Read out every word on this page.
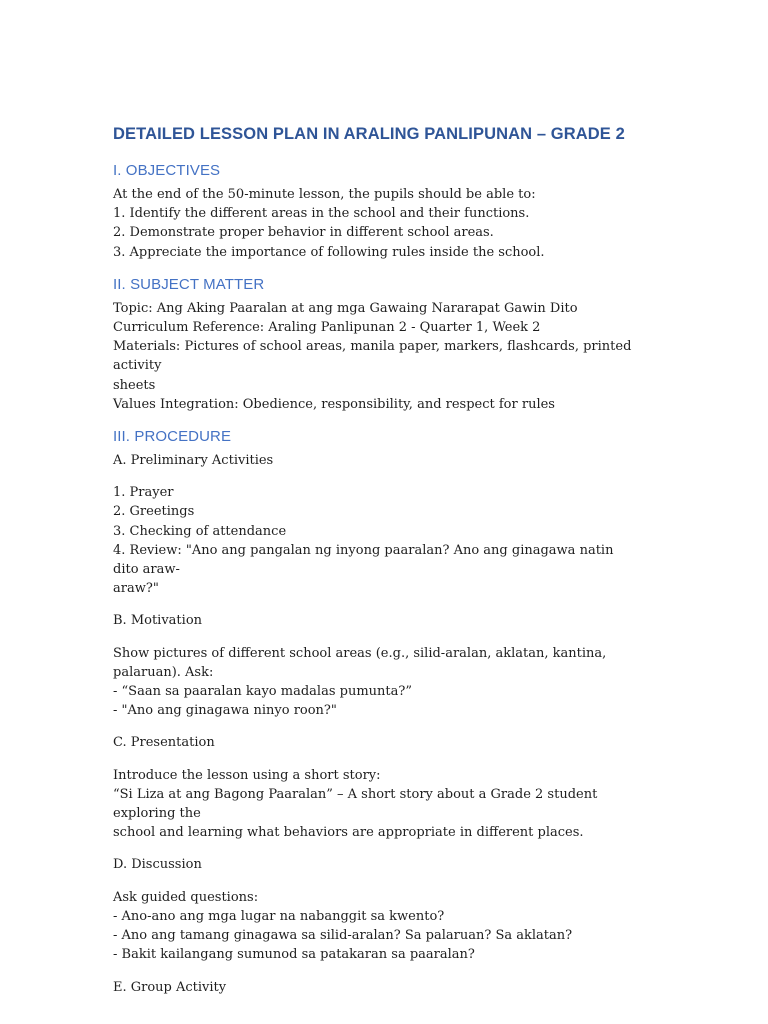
DETAILED LESSON PLAN IN ARALING PANLIPUNAN – GRADE 2
I. OBJECTIVES

At the end of the 50-minute lesson, the pupils should be able to:

1. Identify the different areas in the school and their functions.

2. Demonstrate proper behavior in different school areas.

3. Appreciate the importance of following rules inside the school.

II. SUBJECT MATTER

Topic: Ang Aking Paaralan at ang mga Gawaing Nararapat Gawin Dito

Curriculum Reference: Araling Panlipunan 2 - Quarter 1, Week 2

Materials: Pictures of school areas, manila paper, markers, flashcards, printed activity

sheets

Values Integration: Obedience, responsibility, and respect for rules

III. PROCEDURE

A. Preliminary Activities

1. Prayer

2. Greetings

3. Checking of attendance

4. Review: "Ano ang pangalan ng inyong paaralan? Ano ang ginagawa natin dito araw-

araw?"

B. Motivation

Show pictures of different school areas (e.g., silid-aralan, aklatan, kantina, palaruan). Ask:

- “Saan sa paaralan kayo madalas pumunta?”

- "Ano ang ginagawa ninyo roon?"

C. Presentation

Introduce the lesson using a short story:

“Si Liza at ang Bagong Paaralan” – A short story about a Grade 2 student exploring the

school and learning what behaviors are appropriate in different places.

D. Discussion

Ask guided questions:

- Ano-ano ang mga lugar na nabanggit sa kwento?

- Ano ang tamang ginagawa sa silid-aralan? Sa palaruan? Sa aklatan?

- Bakit kailangang sumunod sa patakaran sa paaralan?

E. Group Activity
